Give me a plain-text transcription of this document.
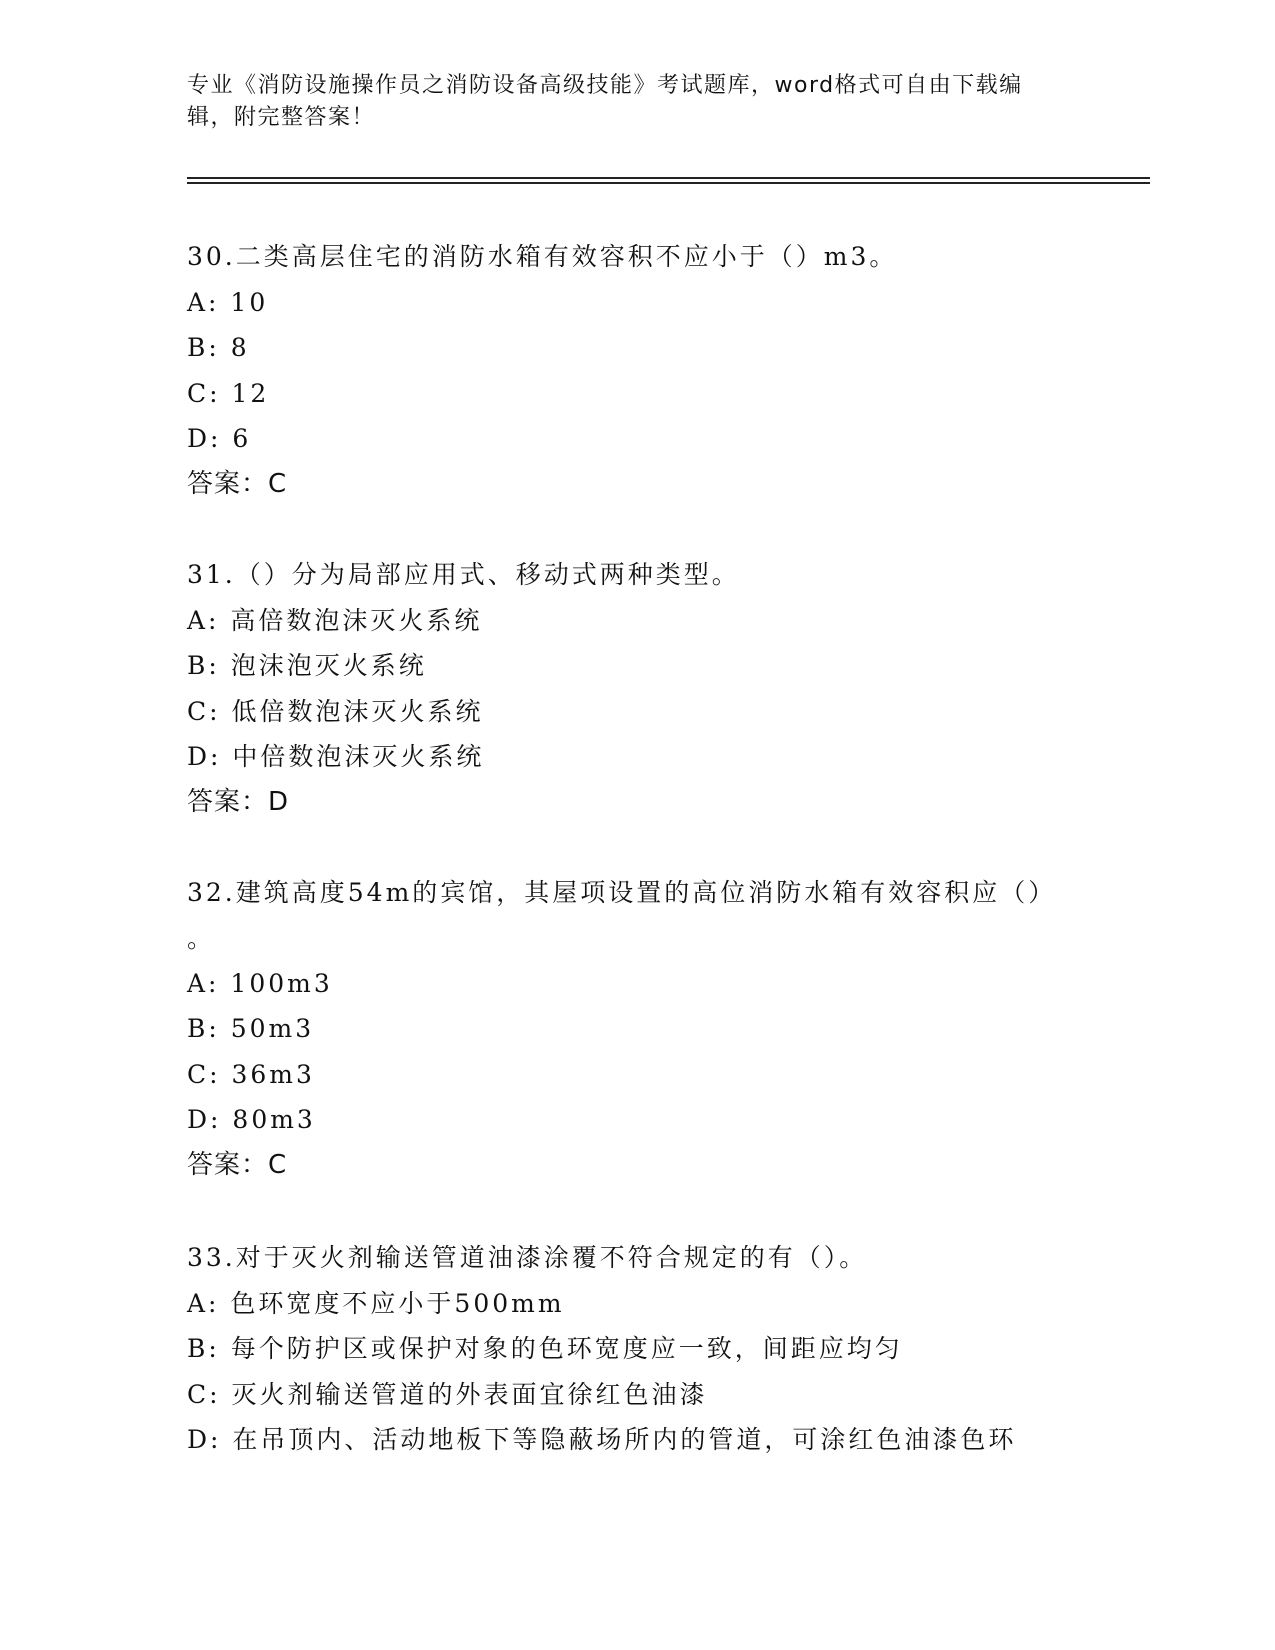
专业《消防设施操作员之消防设备高级技能》考试题库，word格式可自由下载编辑，附完整答案！
30.二类高层住宅的消防水箱有效容积不应小于（）m3。
A: 10
B: 8
C: 12
D: 6
答案：C
31.（）分为局部应用式、移动式两种类型。
A: 高倍数泡沫灭火系统
B: 泡沫泡灭火系统
C: 低倍数泡沫灭火系统
D: 中倍数泡沫灭火系统
答案：D
32.建筑高度54m的宾馆，其屋项设置的高位消防水箱有效容积应（）
。
A: 100m3
B: 50m3
C: 36m3
D: 80m3
答案：C
33.对于灭火剂输送管道油漆涂覆不符合规定的有（）。
A: 色环宽度不应小于500mm
B: 每个防护区或保护对象的色环宽度应一致，间距应均匀
C: 灭火剂输送管道的外表面宜徐红色油漆
D: 在吊顶内、活动地板下等隐蔽场所内的管道，可涂红色油漆色环
